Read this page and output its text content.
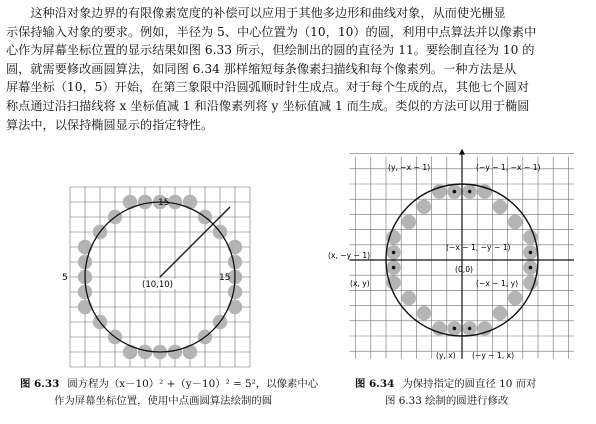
　　这种沿对象边界的有限像素宽度的补偿可以应用于其他多边形和曲线对象，从而使光栅显
示保持输入对象的要求。例如，半径为 5、中心位置为（10，10）的圆，利用中点算法并以像素中
心作为屏幕坐标位置的显示结果如图 6.33 所示，但绘制出的圆的直径为 11。要绘制直径为 10 的
圆，就需要修改画圆算法，如同图 6.34 那样缩短每条像素扫描线和每个像素列。一种方法是从
屏幕坐标（10，5）开始，在第三象限中沿圆弧顺时针生成点。对于每个生成的点，其他七个圆对
称点通过沿扫描线将 x 坐标值减 1 和沿像素列将 y 坐标值减 1 而生成。类似的方法可以用于椭圆
算法中，以保持椭圆显示的指定特性。

15
5	15
(10,10)
(y, −x − 1)	(−y − 1, −x − 1)
(x, −y − 1)
(−x − 1, −y − 1)
(0,0)
(x, y)	(−x − 1, y)
(y, x) (−y − 1, x)
图 6.33 圆方程为（x－10）² +（y－10）² = 5²，以像素中心
作为屏幕坐标位置，使用中点画圆算法绘制的圆
图 6.34 为保持指定的圆直径 10 而对
图 6.33 绘制的圆进行修改
